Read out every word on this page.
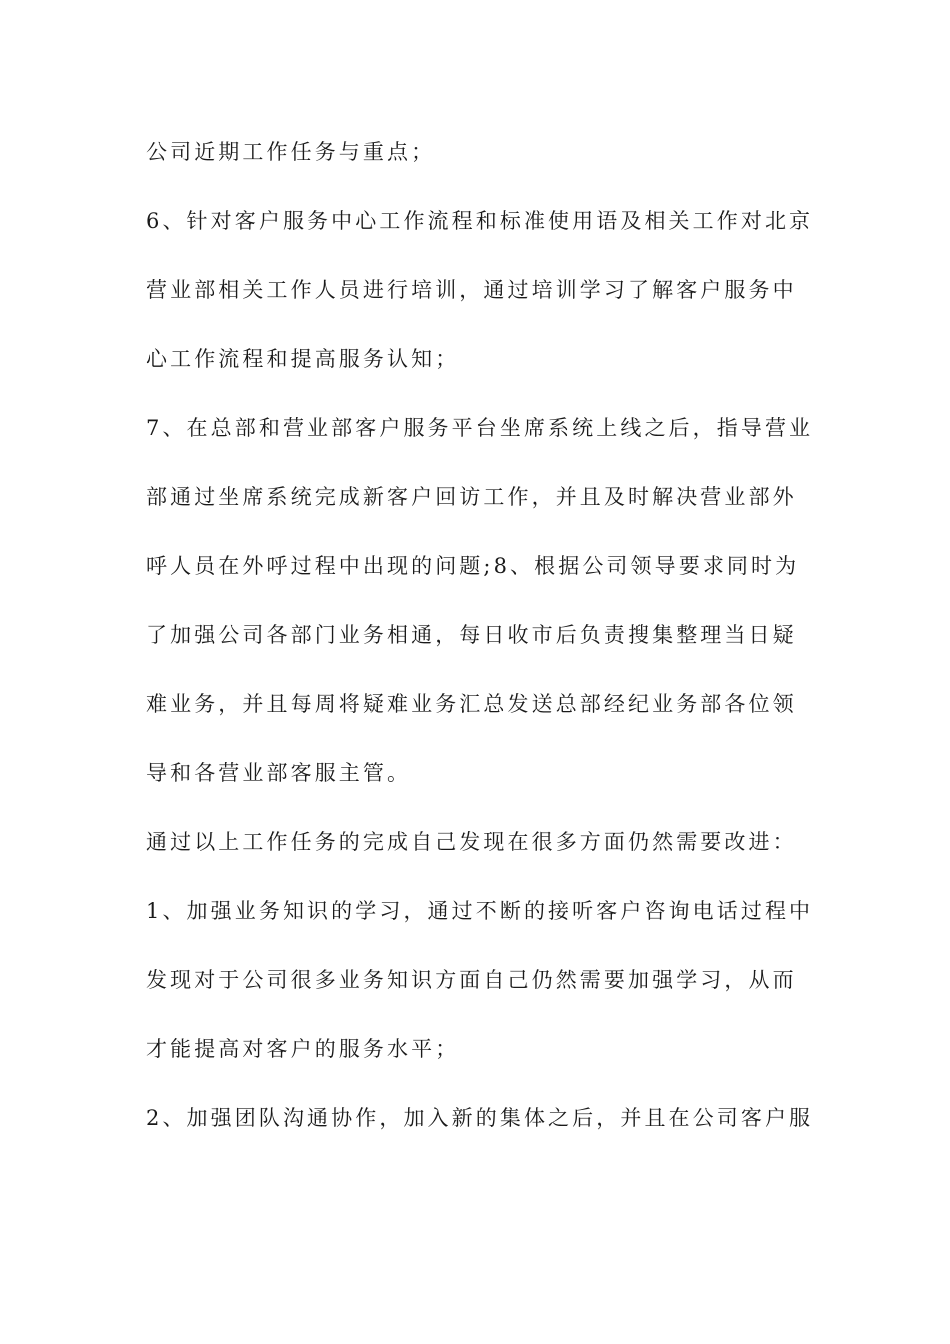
公司近期工作任务与重点；
6、针对客户服务中心工作流程和标准使用语及相关工作对北京
营业部相关工作人员进行培训，通过培训学习了解客户服务中
心工作流程和提高服务认知；
7、在总部和营业部客户服务平台坐席系统上线之后，指导营业
部通过坐席系统完成新客户回访工作，并且及时解决营业部外
呼人员在外呼过程中出现的问题;8、根据公司领导要求同时为
了加强公司各部门业务相通，每日收市后负责搜集整理当日疑
难业务，并且每周将疑难业务汇总发送总部经纪业务部各位领
导和各营业部客服主管。
通过以上工作任务的完成自己发现在很多方面仍然需要改进：
1、加强业务知识的学习，通过不断的接听客户咨询电话过程中
发现对于公司很多业务知识方面自己仍然需要加强学习，从而
才能提高对客户的服务水平；
2、加强团队沟通协作，加入新的集体之后，并且在公司客户服
